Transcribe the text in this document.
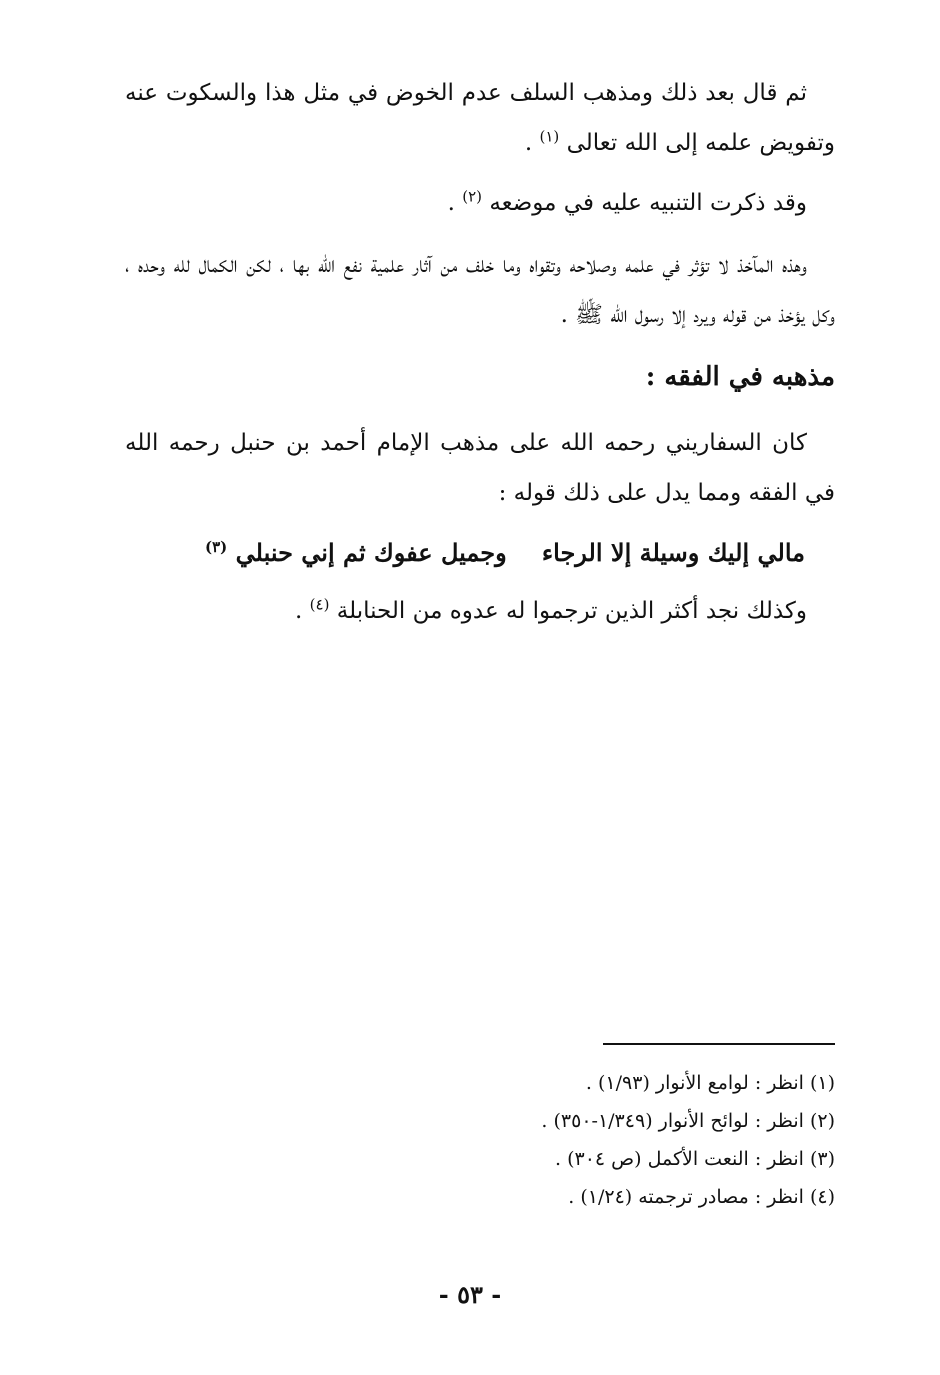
ثم قال بعد ذلك ومذهب السلف عدم الخوض في مثل هذا والسكوت عنه وتفويض علمه إلى الله تعالى $^{(١)}$ .

وقد ذكرت التنبيه عليه في موضعه $^{(٢)}$ .

وهذه المآخذ لا تؤثر في علمه وصلاحه وتقواه وما خلف من آثار علمية نفع الله بها ، لكن الكمال لله وحده ، وكل يؤخذ من قوله ويرد إلا رسول الله ﷺ .

مذهبه في الفقه :

كان السفاريني رحمه الله على مذهب الإمام أحمد بن حنبل رحمه الله في الفقه ومما يدل على ذلك قوله :

مالي إليك وسيلة إلا الرجاء
وجميل عفوك ثم إني حنبلي $^{(٣)}$

وكذلك نجد أكثر الذين ترجموا له عدوه من الحنابلة $^{(٤)}$ .

(١) انظر : لوامع الأنوار (١/٩٣) .
(٢) انظر : لوائح الأنوار (١/٣٤٩-٣٥٠) .
(٣) انظر : النعت الأكمل (ص ٣٠٤) .
(٤) انظر : مصادر ترجمته (١/٢٤) .
- ٥٣ -
